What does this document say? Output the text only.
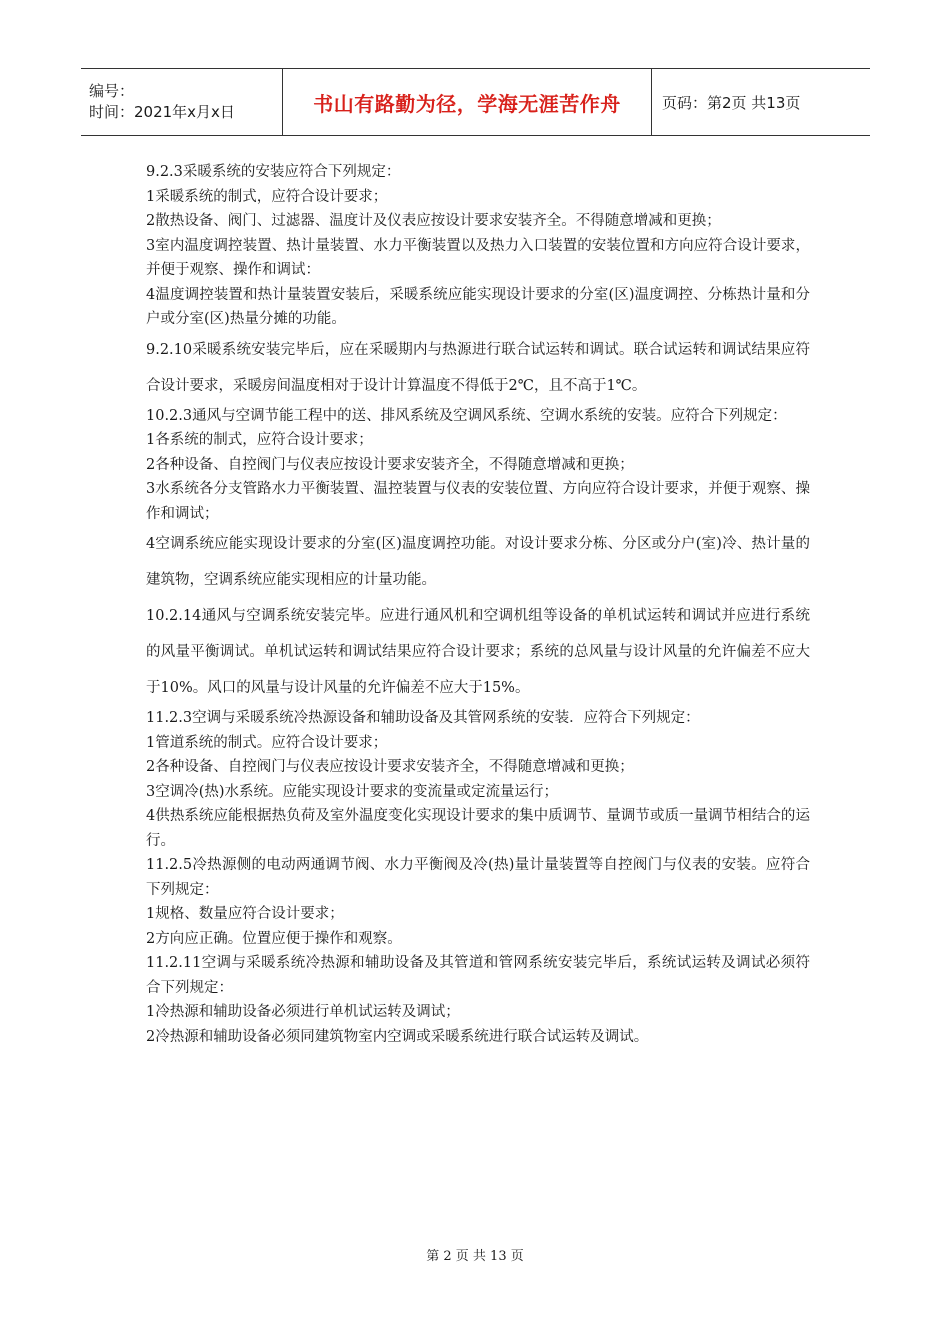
编号：
时间：2021年x月x日	书山有路勤为径，学海无涯苦作舟	页码：第2页 共13页

9.2.3采暖系统的安装应符合下列规定：

1采暖系统的制式，应符合设计要求；

2散热设备、阀门、过滤器、温度计及仪表应按设计要求安装齐全。不得随意增减和更换；

3室内温度调控装置、热计量装置、水力平衡装置以及热力入口装置的安装位置和方向应符合设计要求，并便于观察、操作和调试：

4温度调控装置和热计量装置安装后，采暖系统应能实现设计要求的分室(区)温度调控、分栋热计量和分户或分室(区)热量分摊的功能。

9.2.10采暖系统安装完毕后，应在采暖期内与热源进行联合试运转和调试。联合试运转和调试结果应符合设计要求，采暖房间温度相对于设计计算温度不得低于2℃，且不高于1℃。

10.2.3通风与空调节能工程中的送、排风系统及空调风系统、空调水系统的安装。应符合下列规定：

1各系统的制式，应符合设计要求；

2各种设备、自控阀门与仪表应按设计要求安装齐全，不得随意增减和更换；

3水系统各分支管路水力平衡装置、温控装置与仪表的安装位置、方向应符合设计要求，并便于观察、操作和调试；

4空调系统应能实现设计要求的分室(区)温度调控功能。对设计要求分栋、分区或分户(室)冷、热计量的建筑物，空调系统应能实现相应的计量功能。

10.2.14通风与空调系统安装完毕。应进行通风机和空调机组等设备的单机试运转和调试并应进行系统的风量平衡调试。单机试运转和调试结果应符合设计要求；系统的总风量与设计风量的允许偏差不应大于10%。风口的风量与设计风量的允许偏差不应大于15%。

11.2.3空调与采暖系统冷热源设备和辅助设备及其管网系统的安装．应符合下列规定：

1管道系统的制式。应符合设计要求；

2各种设备、自控阀门与仪表应按设计要求安装齐全，不得随意增减和更换；

3空调冷(热)水系统。应能实现设计要求的变流量或定流量运行；

4供热系统应能根据热负荷及室外温度变化实现设计要求的集中质调节、量调节或质一量调节相结合的运行。

11.2.5冷热源侧的电动两通调节阀、水力平衡阀及冷(热)量计量装置等自控阀门与仪表的安装。应符合下列规定：

1规格、数量应符合设计要求；

2方向应正确。位置应便于操作和观察。

11.2.11空调与采暖系统冷热源和辅助设备及其管道和管网系统安装完毕后，系统试运转及调试必须符合下列规定：

1冷热源和辅助设备必须进行单机试运转及调试；

2冷热源和辅助设备必须同建筑物室内空调或采暖系统进行联合试运转及调试。

第 2 页 共 13 页
